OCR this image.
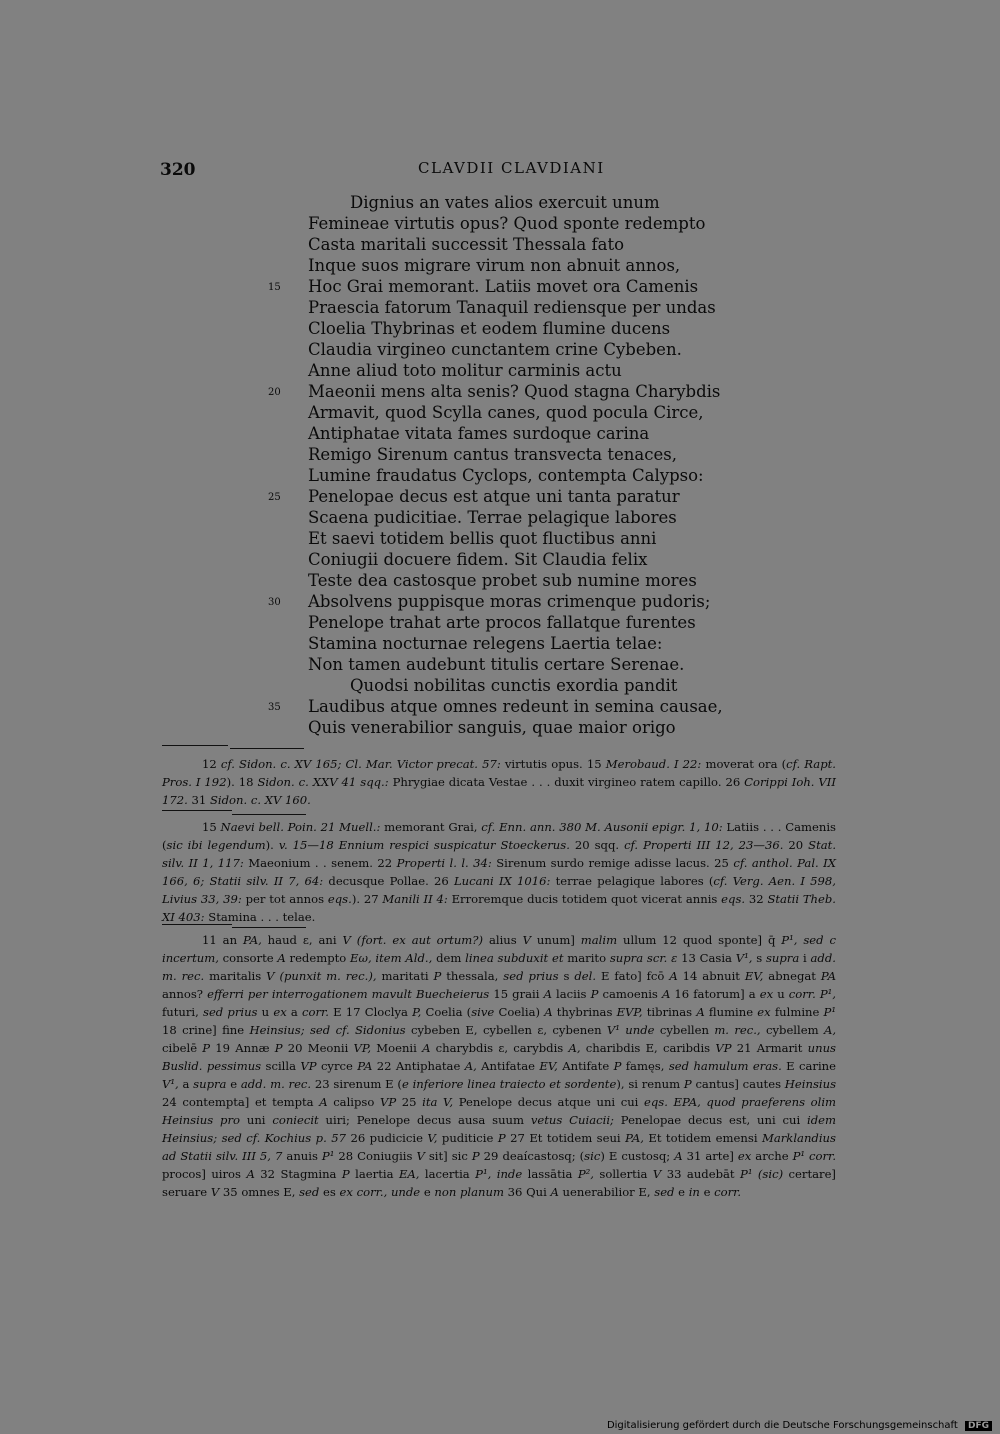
320	CLAVDII CLAVDIANI
Dignius an vates alios exercuit unum
Femineae virtutis opus? Quod sponte redempto
Casta maritali successit Thessala fato
Inque suos migrare virum non abnuit annos,
15	Hoc Grai memorant. Latiis movet ora Camenis
Praescia fatorum Tanaquil rediensque per undas
Cloelia Thybrinas et eodem flumine ducens
Claudia virgineo cunctantem crine Cybeben.
Anne aliud toto molitur carminis actu
20	Maeonii mens alta senis? Quod stagna Charybdis
Armavit, quod Scylla canes, quod pocula Circe,
Antiphatae vitata fames surdoque carina
Remigo Sirenum cantus transvecta tenaces,
Lumine fraudatus Cyclops, contempta Calypso:
25	Penelopae decus est atque uni tanta paratur
Scaena pudicitiae. Terrae pelagique labores
Et saevi totidem bellis quot fluctibus anni
Coniugii docuere fidem. Sit Claudia felix
Teste dea castosque probet sub numine mores
30	Absolvens puppisque moras crimenque pudoris;
Penelope trahat arte procos fallatque furentes
Stamina nocturnae relegens Laertia telae:
Non tamen audebunt titulis certare Serenae.
Quodsi nobilitas cunctis exordia pandit
35	Laudibus atque omnes redeunt in semina causae,
Quis venerabilior sanguis, quae maior origo

12 cf. Sidon. c. XV 165; Cl. Mar. Victor precat. 57: virtutis opus. 15 Merobaud. I 22: moverat ora (cf. Rapt. Pros. I 192). 18 Sidon. c. XXV 41 sqq.: Phrygiae dicata Vestae . . . duxit virgineo ratem capillo. 26 Corippi Ioh. VII 172. 31 Sidon. c. XV 160.

15 Naevi bell. Poin. 21 Muell.: memorant Grai, cf. Enn. ann. 380 M. Ausonii epigr. 1, 10: Latiis . . . Camenis (sic ibi legendum). v. 15—18 Ennium respici suspicatur Stoeckerus. 20 sqq. cf. Properti III 12, 23—36. 20 Stat. silv. II 1, 117: Maeonium . . senem. 22 Properti l. l. 34: Sirenum surdo remige adisse lacus. 25 cf. anthol. Pal. IX 166, 6; Statii silv. II 7, 64: decusque Pollae. 26 Lucani IX 1016: terrae pelagique labores (cf. Verg. Aen. I 598, Livius 33, 39: per tot annos eqs.). 27 Manili II 4: Erroremque ducis totidem quot vicerat annis eqs. 32 Statii Theb. XI 403: Stamina . . . telae.

11 an PA, haud ε, ani V (fort. ex aut ortum?) alius V unum] malim ullum 12 quod sponte] q̄ P¹, sed c incertum, consorte A redempto Εω, item Ald., dem linea subduxit et marito supra scr. ε 13 Casia V¹, s supra i add. m. rec. maritalis V (punxit m. rec.), maritati P thessala, sed prius s del. E fato] fcō A 14 abnuit EV, abnegat PA annos? efferri per interrogationem mavult Buecheierus 15 graii A laciis P camoenis A 16 fatorum] a ex u corr. P¹, futuri, sed prius u ex a corr. E 17 Cloclya P, Coelia (sive Coelia) A thybrinas EVP, tibrinas A flumine ex fulmine P¹ 18 crine] fine Heinsius; sed cf. Sidonius cybeben E, cybellen ε, cybenen V¹ unde cybellen m. rec., cybellem A, cibelē P 19 Annæ P 20 Meonii VP, Moenii A charybdis ε, carybdis A, charibdis E, caribdis VP 21 Armarit unus Buslid. pessimus scilla VP cyrce PA 22 Antiphatae A, Antifatae EV, Antifate P famęs, sed hamulum eras. E carine V¹, a supra e add. m. rec. 23 sirenum E (e inferiore linea traiecto et sordente), si renum P cantus] cautes Heinsius 24 contempta] et tempta A calipso VP 25 ita V, Penelope decus atque uni cui eqs. EPA, quod praeferens olim Heinsius pro uni coniecit uiri; Penelope decus ausa suum vetus Cuiacii; Penelopae decus est, uni cui idem Heinsius; sed cf. Kochius p. 57 26 pudicicie V, puditicie P 27 Et totidem seui PA, Et totidem emensi Marklandius ad Statii silv. III 5, 7 anuis P¹ 28 Coniugiis V sit] sic P 29 deaícastosq; (sic) E custosq; A 31 arte] ex arche P¹ corr. procos] uiros A 32 Stagmina P laertia EA, lacertia P¹, inde lassātia P², sollertia V 33 audebāt P¹ (sic) certare] seruare V 35 omnes E, sed es ex corr., unde e non planum 36 Qui A uenerabilior E, sed e in e corr.

Digitalisierung gefördert durch die Deutsche Forschungsgemeinschaft DFG
